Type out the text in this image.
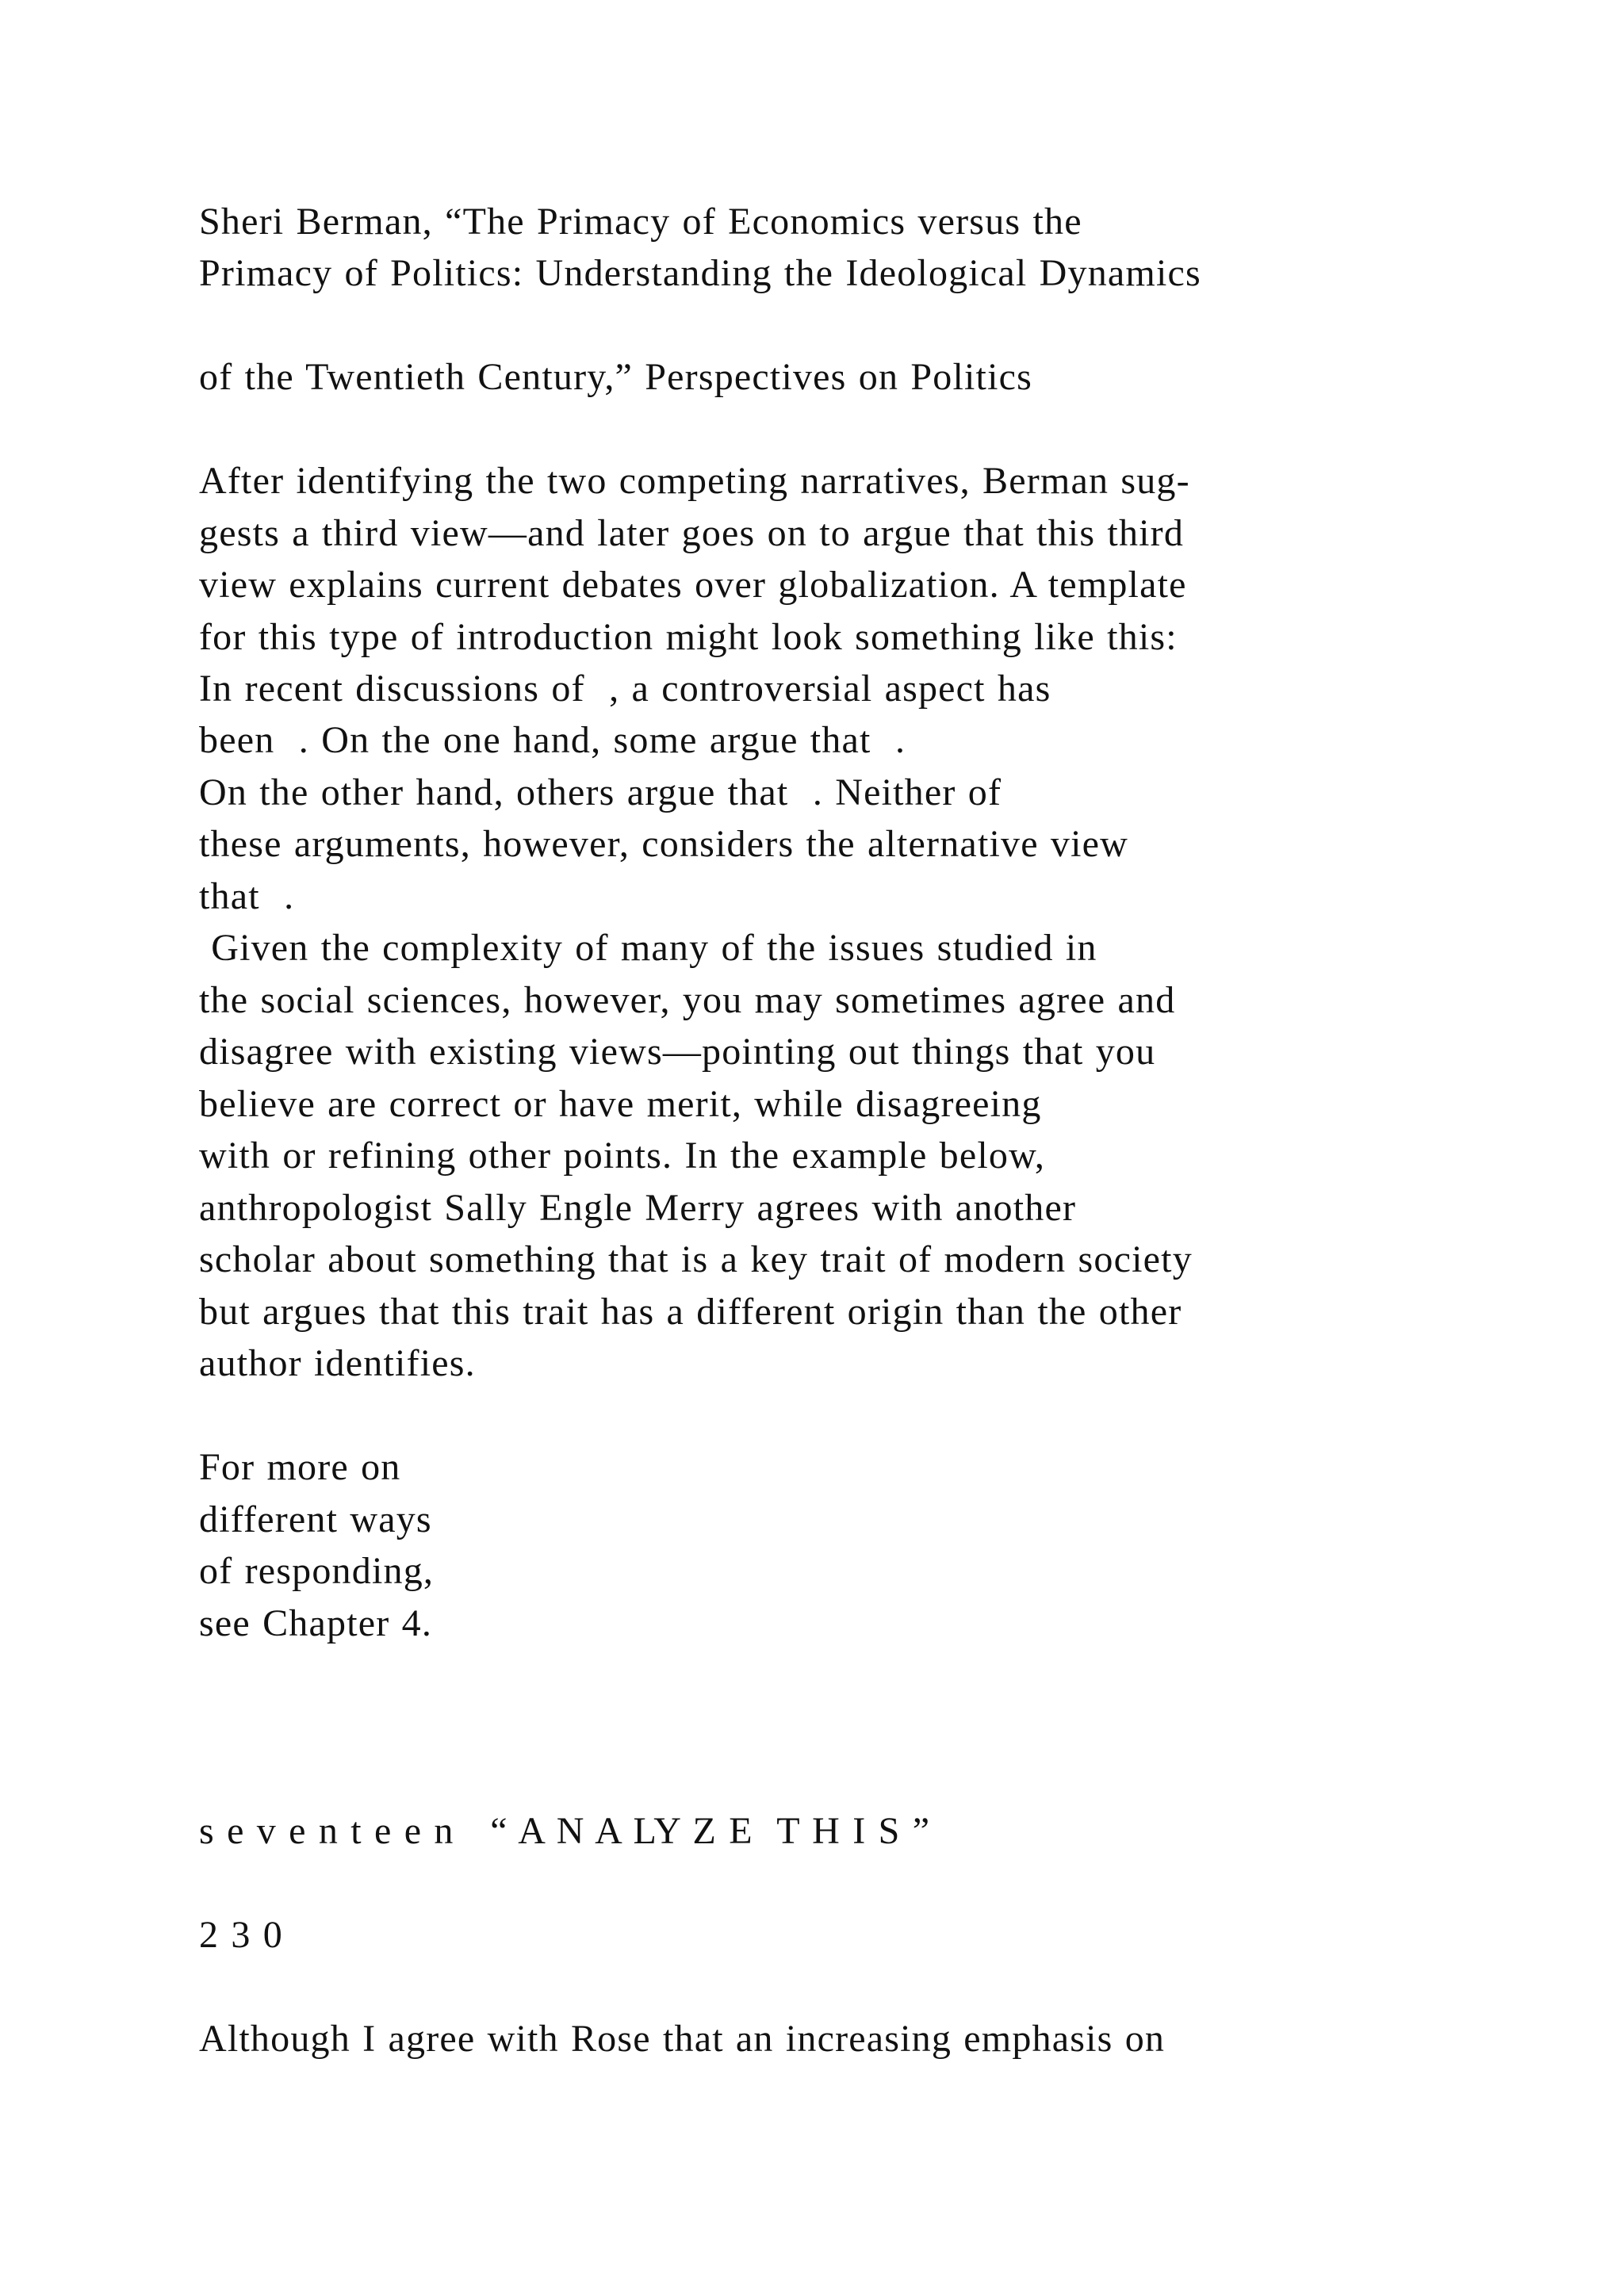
Sheri Berman, “The Primacy of Economics versus the

Primacy of Politics: Understanding the Ideological Dynamics

of the Twentieth Century,” Perspectives on Politics

After identifying the two competing narratives, Berman sug-

gests a third view—and later goes on to argue that this third

view explains current debates over globalization. A template

for this type of introduction might look something like this:

In recent discussions of  , a controversial aspect has

been  . On the one hand, some argue that  .

On the other hand, others argue that  . Neither of

these arguments, however, considers the alternative view

that  .

Given the complexity of many of the issues studied in

the social sciences, however, you may sometimes agree and

disagree with existing views—pointing out things that you

believe are correct or have merit, while disagreeing

with or refining other points. In the example below,

anthropologist Sally Engle Merry agrees with another

scholar about something that is a key trait of modern society

but argues that this trait has a different origin than the other

author identifies.

For more on

different ways

of responding,

see Chapter 4.

s e v e n t e e n   “ A N A LY Z E  T H I S ”

2 3 0

Although I agree with Rose that an increasing emphasis on
